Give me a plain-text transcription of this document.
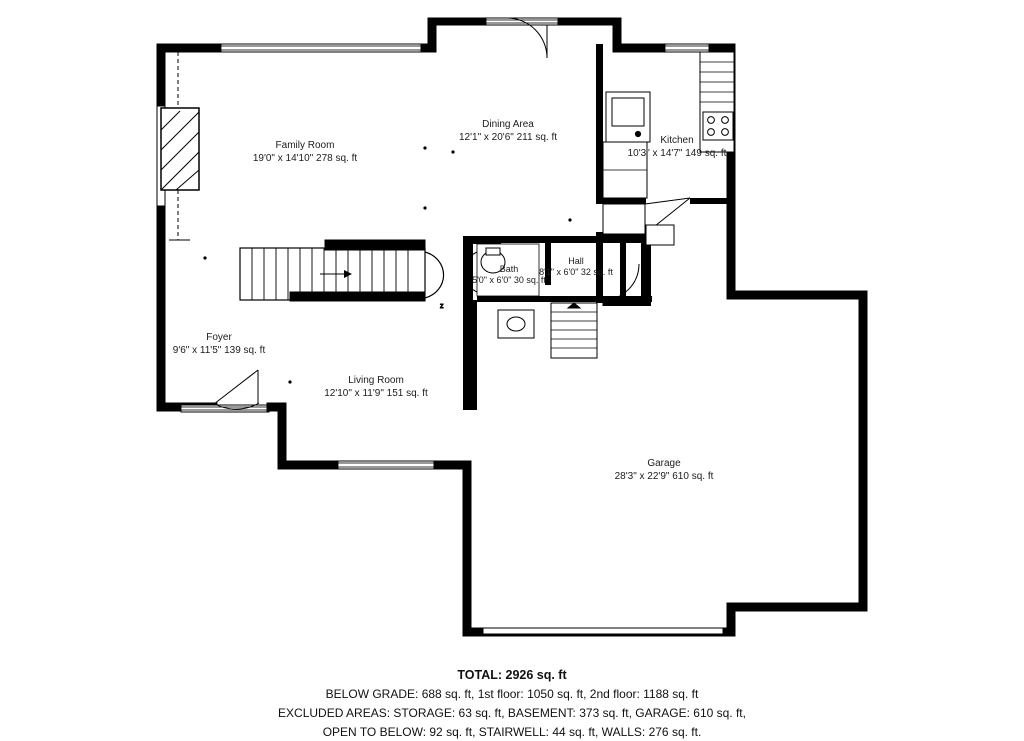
z
Family Room
19'0" x 14'10" 278 sq. ft
Dining Area
12'1" x 20'6" 211 sq. ft	Kitchen
10'3" x 14'7" 149 sq. ft
Hall
8'1" x 6'0" 32 sq. ft
Bath
5'0" x 6'0" 30 sq. ft
Foyer
9'6" x 11'5" 139 sq. ft
Living Room
12'10" x 11'9" 151 sq. ft
Garage
28'3" x 22'9" 610 sq. ft
TOTAL: 2926 sq. ft
BELOW GRADE: 688 sq. ft, 1st floor: 1050 sq. ft, 2nd floor: 1188 sq. ft
EXCLUDED AREAS: STORAGE: 63 sq. ft, BASEMENT: 373 sq. ft, GARAGE: 610 sq. ft,
OPEN TO BELOW: 92 sq. ft, STAIRWELL: 44 sq. ft, WALLS: 276 sq. ft.
